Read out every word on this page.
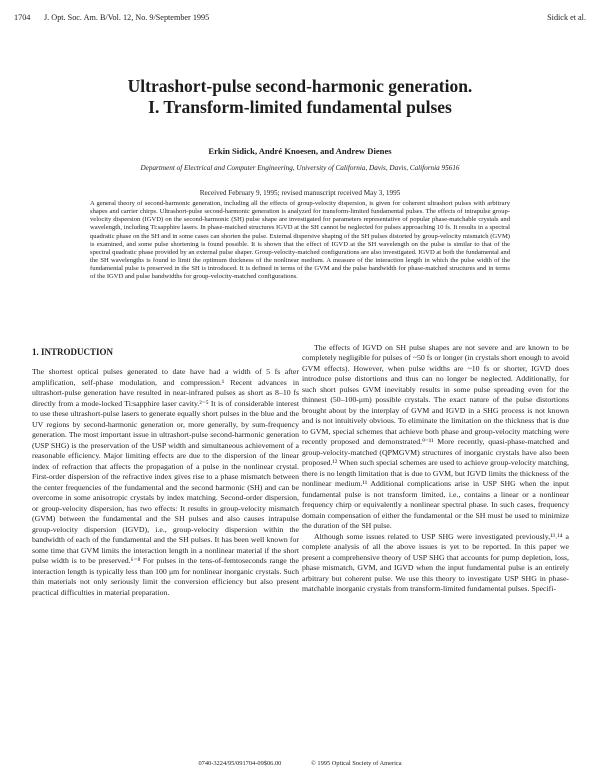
1704 J. Opt. Soc. Am. B/Vol. 12, No. 9/September 1995	Sidick et al.
Ultrashort-pulse second-harmonic generation.
I. Transform-limited fundamental pulses
Erkin Sidick, André Knoesen, and Andrew Dienes
Department of Electrical and Computer Engineering, University of California, Davis, Davis, California 95616
Received February 9, 1995; revised manuscript received May 3, 1995
A general theory of second-harmonic generation, including all the effects of group-velocity dispersion, is given for coherent ultrashort pulses with arbitrary shapes and carrier chirps. Ultrashort-pulse second-harmonic generation is analyzed for transform-limited fundamental pulses. The effects of intrapulse group-velocity dispersion (IGVD) on the second-harmonic (SH) pulse shape are investigated for parameters representative of popular phase-matchable crystals and wavelength, including Ti:sapphire lasers. In phase-matched structures IGVD at the SH cannot be neglected for pulses approaching 10 fs. It results in a spectral quadratic phase on the SH and in some cases can shorten the pulse. External dispersive shaping of the SH pulses distorted by group-velocity mismatch (GVM) is examined, and some pulse shortening is found possible. It is shown that the effect of IGVD at the SH wavelength on the pulse is similar to that of the spectral quadratic phase provided by an external pulse shaper. Group-velocity-matched configurations are also investigated. IGVD at both the fundamental and the SH wavelengths is found to limit the optimum thickness of the nonlinear medium. A measure of the interaction length in which the pulse width of the fundamental pulse is preserved in the SH is introduced. It is defined in terms of the GVM and the pulse bandwidth for phase-matched structures and in terms of the IGVD and pulse bandwidths for group-velocity-matched configurations.
1. INTRODUCTION

The shortest optical pulses generated to date have had a width of 5 fs after amplification, self-phase modulation, and compression.¹ Recent advances in ultrashort-pulse generation have resulted in near-infrared pulses as short as 8–10 fs directly from a mode-locked Ti:sapphire laser cavity.²⁻⁵ It is of considerable interest to use these ultrashort-pulse lasers to generate equally short pulses in the blue and the UV regions by second-harmonic generation or, more generally, by sum-frequency generation. The most important issue in ultrashort-pulse second-harmonic generation (USP SHG) is the preservation of the USP width and simultaneous achievement of a reasonable efficiency. Major limiting effects are due to the dispersion of the linear index of refraction that affects the propagation of a pulse in the nonlinear crystal. First-order dispersion of the refractive index gives rise to a phase mismatch between the center frequencies of the fundamental and the second harmonic (SH) and can be overcome in some anisotropic crystals by index matching. Second-order dispersion, or group-velocity dispersion, has two effects: It results in group-velocity mismatch (GVM) between the fundamental and the SH pulses and also causes intrapulse group-velocity dispersion (IGVD), i.e., group-velocity dispersion within the bandwidth of each of the fundamental and the SH pulses. It has been well known for some time that GVM limits the interaction length in a nonlinear material if the short pulse width is to be preserved.⁶⁻⁸ For pulses in the tens-of-femtoseconds range the interaction length is typically less than 100 μm for nonlinear inorganic crystals. Such thin materials not only seriously limit the conversion efficiency but also present practical difficulties in material preparation.

The effects of IGVD on SH pulse shapes are not severe and are known to be completely negligible for pulses of ~50 fs or longer (in crystals short enough to avoid GVM effects). However, when pulse widths are ~10 fs or shorter, IGVD does introduce pulse distortions and thus can no longer be neglected. Additionally, for such short pulses GVM inevitably results in some pulse spreading even for the thinnest (50–100-μm) possible crystals. The exact nature of the pulse distortions brought about by the interplay of GVM and IGVD in a SHG process is not known and is not intuitively obvious. To eliminate the limitation on the thickness that is due to GVM, special schemes that achieve both phase and group-velocity matching were recently proposed and demonstrated.⁹⁻¹¹ More recently, quasi-phase-matched and group-velocity-matched (QPMGVM) structures of inorganic crystals have also been proposed.¹² When such special schemes are used to achieve group-velocity matching, there is no length limitation that is due to GVM, but IGVD limits the thickness of the nonlinear medium.¹¹ Additional complications arise in USP SHG when the input fundamental pulse is not transform limited, i.e., contains a linear or a nonlinear frequency chirp or equivalently a nonlinear spectral phase. In such cases, frequency domain compensation of either the fundamental or the SH must be used to minimize the duration of the SH pulse.

Although some issues related to USP SHG were investigated previously,¹³˒¹⁴ a complete analysis of all the above issues is yet to be reported. In this paper we present a comprehensive theory of USP SHG that accounts for pump depletion, loss, phase mismatch, GVM, and IGVD when the input fundamental pulse is an entirely arbitrary but coherent pulse. We use this theory to investigate USP SHG in phase-matchable inorganic crystals from transform-limited fundamental pulses. Specifi-

0740-3224/95/091704-09$06.00	© 1995 Optical Society of America
